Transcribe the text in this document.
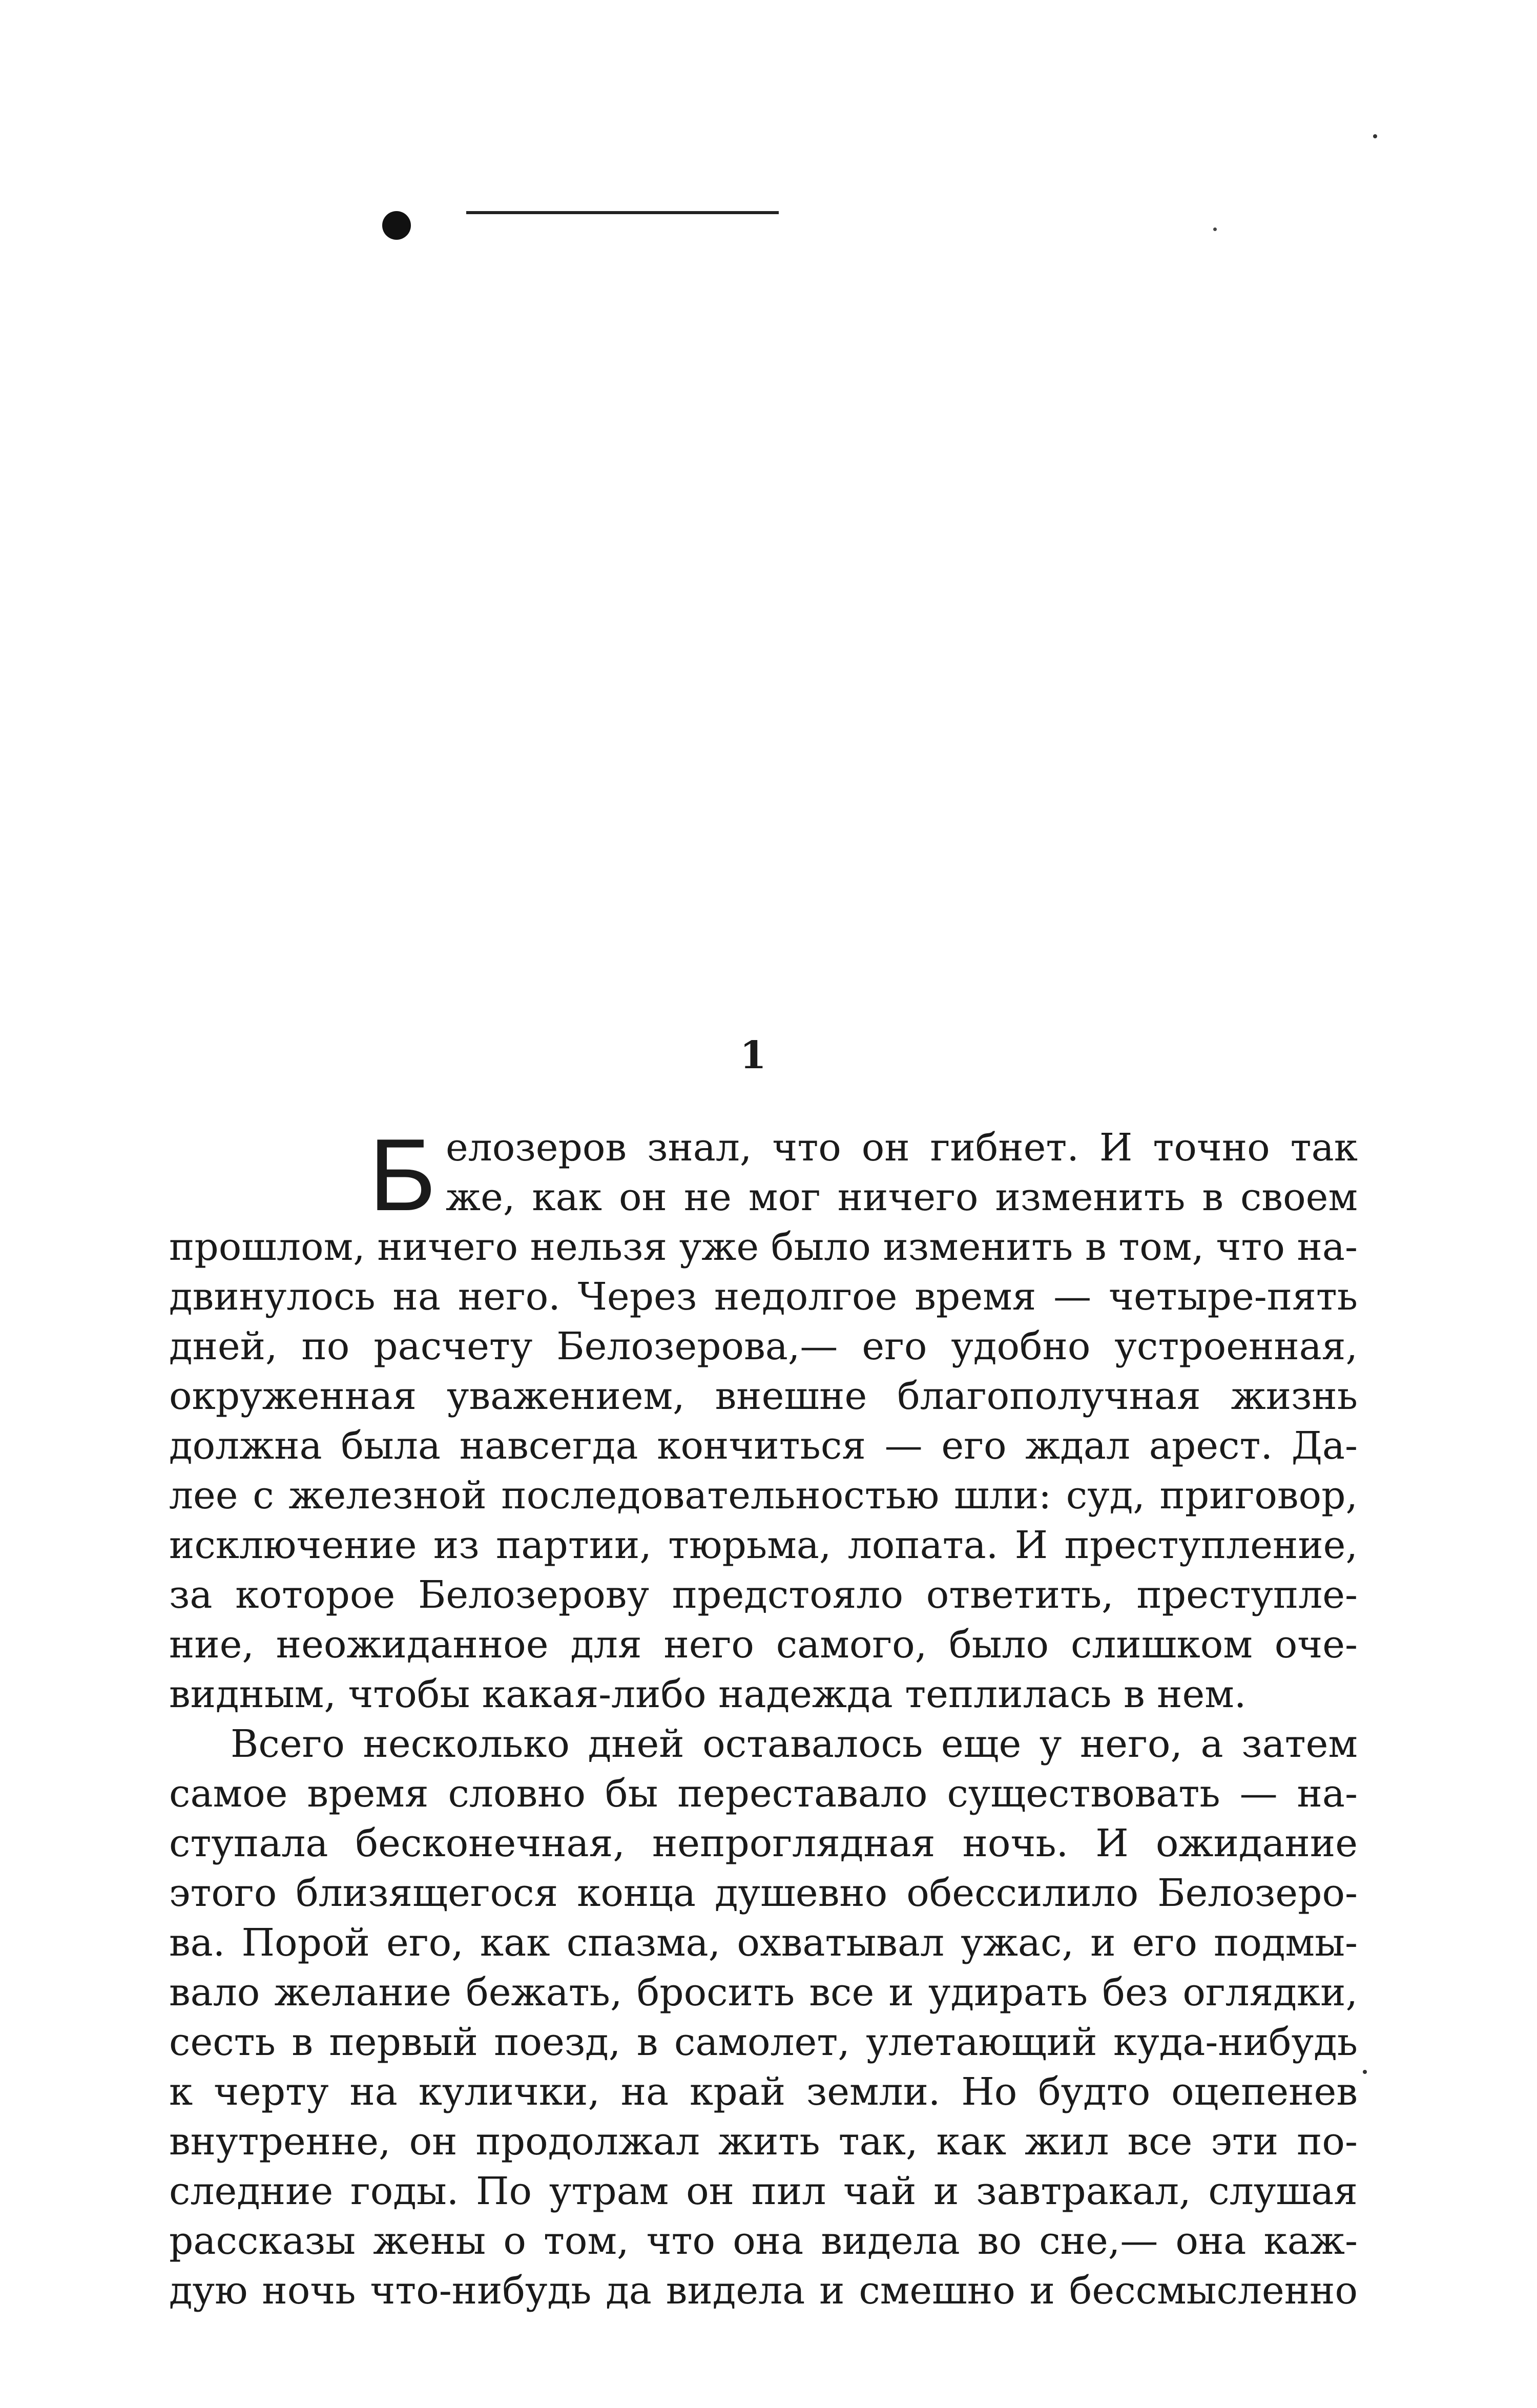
1
Б елозеров знал, что он гибнет. И точно так
же, как он не мог ничего изменить в своем
прошлом, ничего нельзя уже было изменить в том, что на-
двинулось на него. Через недолгое время — четыре-пять
дней, по расчету Белозерова,— его удобно устроенная,
окруженная уважением, внешне благополучная жизнь
должна была навсегда кончиться — его ждал арест. Да-
лее с железной последовательностью шли: суд, приговор,
исключение из партии, тюрьма, лопата. И преступление,
за которое Белозерову предстояло ответить, преступле-
ние, неожиданное для него самого, было слишком оче-
видным, чтобы какая-либо надежда теплилась в нем.
Всего несколько дней оставалось еще у него, а затем
самое время словно бы переставало существовать — на-
ступала бесконечная, непроглядная ночь. И ожидание
этого близящегося конца душевно обессилило Белозеро-
ва. Порой его, как спазма, охватывал ужас, и его подмы-
вало желание бежать, бросить все и удирать без оглядки,
сесть в первый поезд, в самолет, улетающий куда-нибудь
к черту на кулички, на край земли. Но будто оцепенев
внутренне, он продолжал жить так, как жил все эти по-
следние годы. По утрам он пил чай и завтракал, слушая
рассказы жены о том, что она видела во сне,— она каж-
дую ночь что-нибудь да видела и смешно и бессмысленно
